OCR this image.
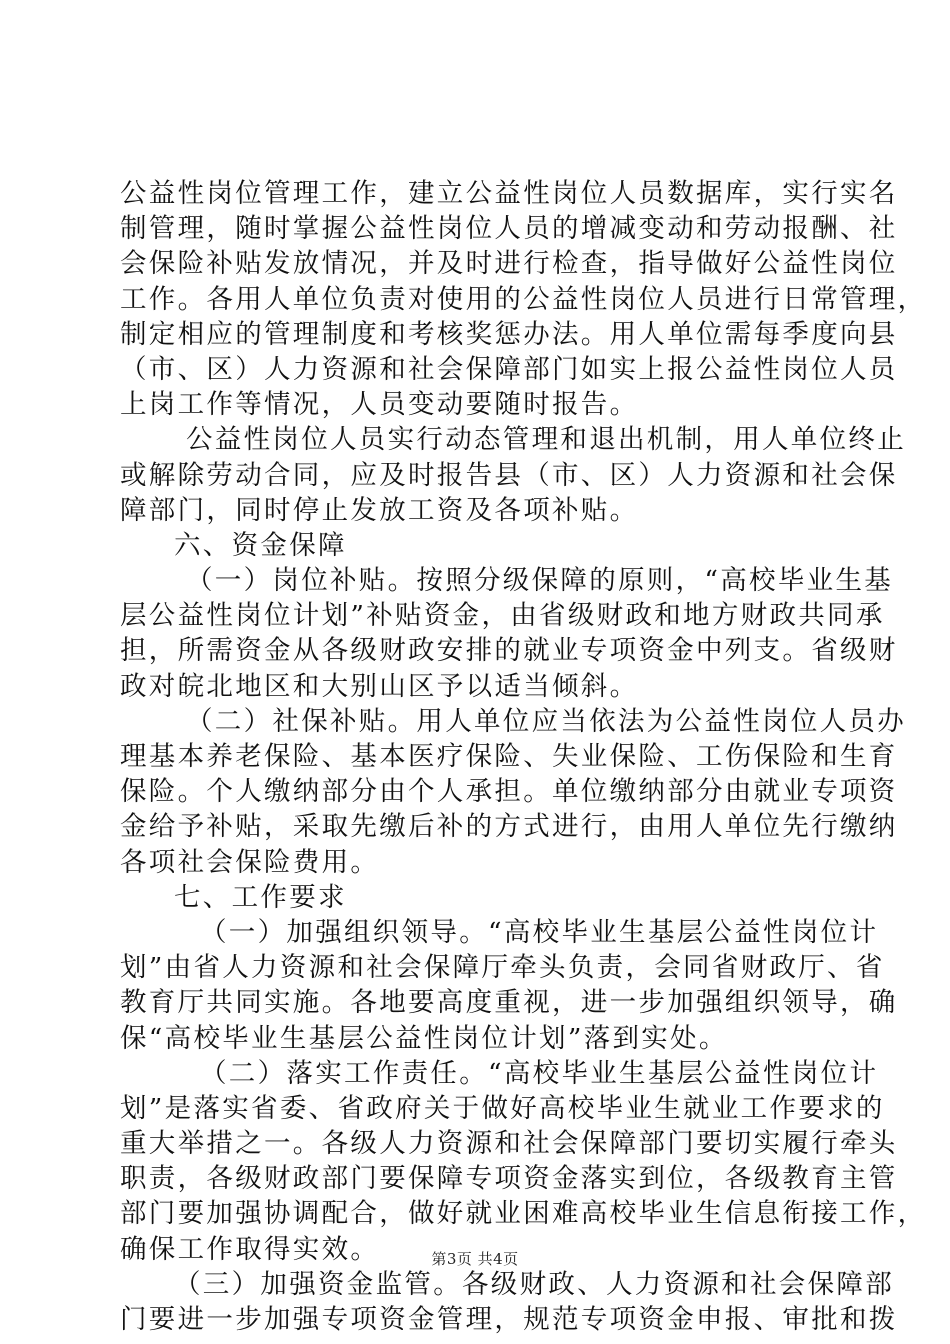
公益性岗位管理工作，建立公益性岗位人员数据库，实行实名
制管理，随时掌握公益性岗位人员的增减变动和劳动报酬、社
会保险补贴发放情况，并及时进行检查，指导做好公益性岗位
工作。各用人单位负责对使用的公益性岗位人员进行日常管理，
制定相应的管理制度和考核奖惩办法。用人单位需每季度向县
（市、区）人力资源和社会保障部门如实上报公益性岗位人员
上岗工作等情况，人员变动要随时报告。
公益性岗位人员实行动态管理和退出机制，用人单位终止
或解除劳动合同，应及时报告县（市、区）人力资源和社会保
障部门，同时停止发放工资及各项补贴。
六、资金保障
（一）岗位补贴。按照分级保障的原则，“高校毕业生基
层公益性岗位计划”补贴资金，由省级财政和地方财政共同承
担，所需资金从各级财政安排的就业专项资金中列支。省级财
政对皖北地区和大别山区予以适当倾斜。
（二）社保补贴。用人单位应当依法为公益性岗位人员办
理基本养老保险、基本医疗保险、失业保险、工伤保险和生育
保险。个人缴纳部分由个人承担。单位缴纳部分由就业专项资
金给予补贴，采取先缴后补的方式进行，由用人单位先行缴纳
各项社会保险费用。
七、工作要求
（一）加强组织领导。“高校毕业生基层公益性岗位计
划”由省人力资源和社会保障厅牵头负责，会同省财政厅、省
教育厅共同实施。各地要高度重视，进一步加强组织领导，确
保“高校毕业生基层公益性岗位计划”落到实处。
（二）落实工作责任。“高校毕业生基层公益性岗位计
划”是落实省委、省政府关于做好高校毕业生就业工作要求的
重大举措之一。各级人力资源和社会保障部门要切实履行牵头
职责，各级财政部门要保障专项资金落实到位，各级教育主管
部门要加强协调配合，做好就业困难高校毕业生信息衔接工作，
确保工作取得实效。
（三）加强资金监管。各级财政、人力资源和社会保障部
门要进一步加强专项资金管理，规范专项资金申报、审批和拨
第3页 共4页
